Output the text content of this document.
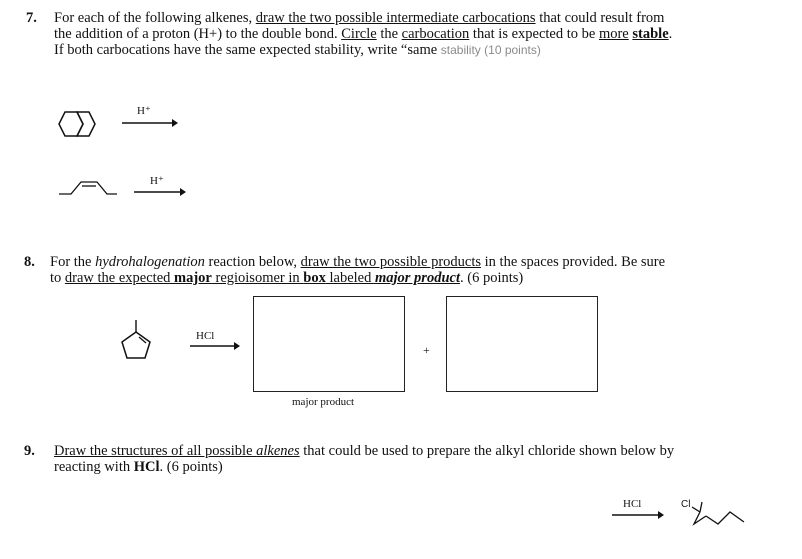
7. For each of the following alkenes, draw the two possible intermediate carbocations that could result from
the addition of a proton (H+) to the double bond. Circle the carbocation that is expected to be more stable.
If both carbocations have the same expected stability, write “same stability (10 points)
H⁺
H⁺
8. For the hydrohalogenation reaction below, draw the two possible products in the spaces provided. Be sure
to draw the expected major regioisomer in box labeled major product. (6 points)
HCl
major product
+
9. Draw the structures of all possible alkenes that could be used to prepare the alkyl chloride shown below by
reacting with HCl. (6 points)
HCl	Cl
